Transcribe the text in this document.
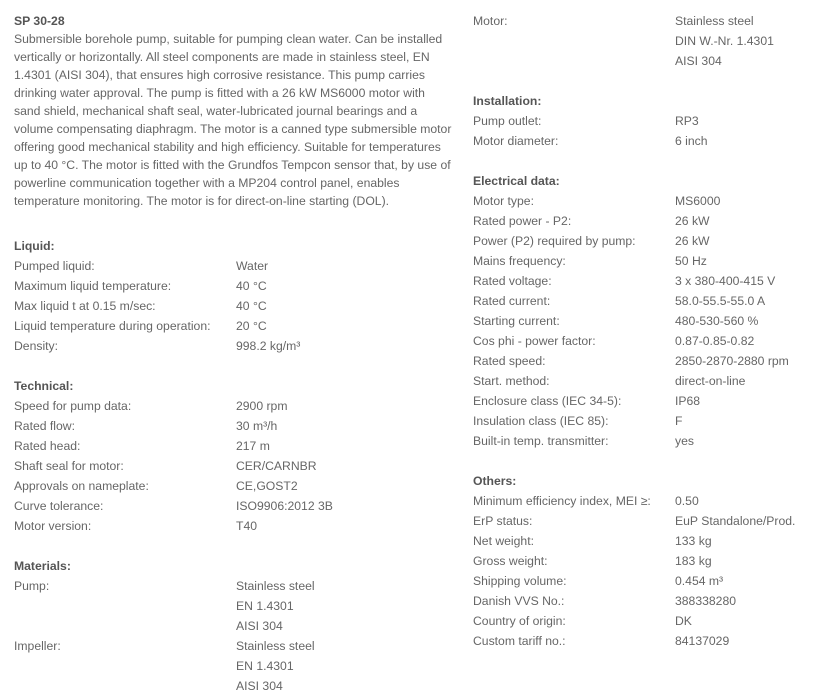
SP 30-28
Submersible borehole pump, suitable for pumping clean water. Can be installed vertically or horizontally. All steel components are made in stainless steel, EN 1.4301 (AISI 304), that ensures high corrosive resistance. This pump carries drinking water approval. The pump is fitted with a 26 kW MS6000 motor with sand shield, mechanical shaft seal, water-lubricated journal bearings and a volume compensating diaphragm. The motor is a canned type submersible motor offering good mechanical stability and high efficiency. Suitable for temperatures up to 40 °C. The motor is fitted with the Grundfos Tempcon sensor that, by use of powerline communication together with a MP204 control panel, enables temperature monitoring. The motor is for direct-on-line starting (DOL).
Liquid:
Pumped liquid:	Water
Maximum liquid temperature:	40 °C
Max liquid t at 0.15 m/sec:	40 °C
Liquid temperature during operation: 20 °C
Density:	998.2 kg/m³
Technical:
Speed for pump data:	2900 rpm
Rated flow:	30 m³/h
Rated head:	217 m
Shaft seal for motor:	CER/CARNBR
Approvals on nameplate:	CE,GOST2
Curve tolerance:	ISO9906:2012 3B
Motor version:	T40
Materials:
Pump:	Stainless steel
EN 1.4301
AISI 304
Impeller:	Stainless steel
EN 1.4301
AISI 304
Motor:	Stainless steel
DIN W.-Nr. 1.4301
AISI 304
Installation:
Pump outlet:	RP3
Motor diameter:	6 inch
Electrical data:
Motor type:	MS6000
Rated power - P2:	26 kW
Power (P2) required by pump:	26 kW
Mains frequency:	50 Hz
Rated voltage:	3 x 380-400-415 V
Rated current:	58.0-55.5-55.0 A
Starting current:	480-530-560 %
Cos phi - power factor:	0.87-0.85-0.82
Rated speed:	2850-2870-2880 rpm
Start. method:	direct-on-line
Enclosure class (IEC 34-5):	IP68
Insulation class (IEC 85):	F
Built-in temp. transmitter:	yes
Others:
Minimum efficiency index, MEI ≥: 0.50
ErP status:	EuP Standalone/Prod.
Net weight:	133 kg
Gross weight:	183 kg
Shipping volume:	0.454 m³
Danish VVS No.:	388338280
Country of origin:	DK
Custom tariff no.:	84137029
